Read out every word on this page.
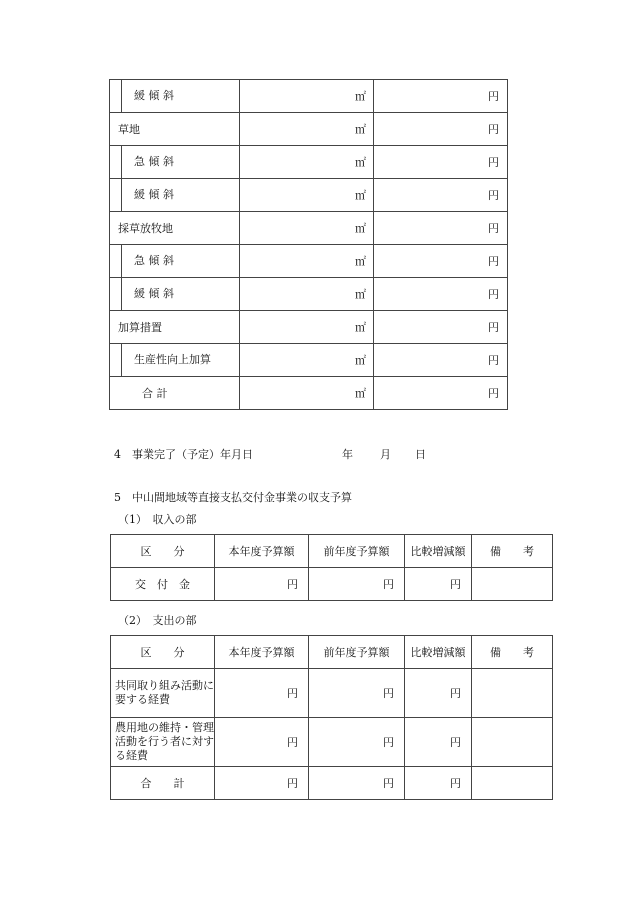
緩 傾 斜	㎡	円
草地	㎡	円

急 傾 斜	㎡	円

緩 傾 斜	㎡	円
採草放牧地	㎡	円

急 傾 斜	㎡	円

緩 傾 斜	㎡	円
加算措置	㎡	円

生産性向上加算	㎡	円
合 計	㎡	円
4　事業完了（予定）年月日	年 月 日
5　中山間地域等直接支払交付金事業の収支予算
（1）　収入の部
区　　分	本年度予算額	前年度予算額	比較増減額	備　　考
交　付　金	円	円	円	
（2）　支出の部
区　　分	本年度予算額	前年度予算額	比較増減額	備　　考
共同取り組み活動に要する経費	円	円	円	
農用地の維持・管理活動を行う者に対する経費	円	円	円	
合　　計	円	円	円	
